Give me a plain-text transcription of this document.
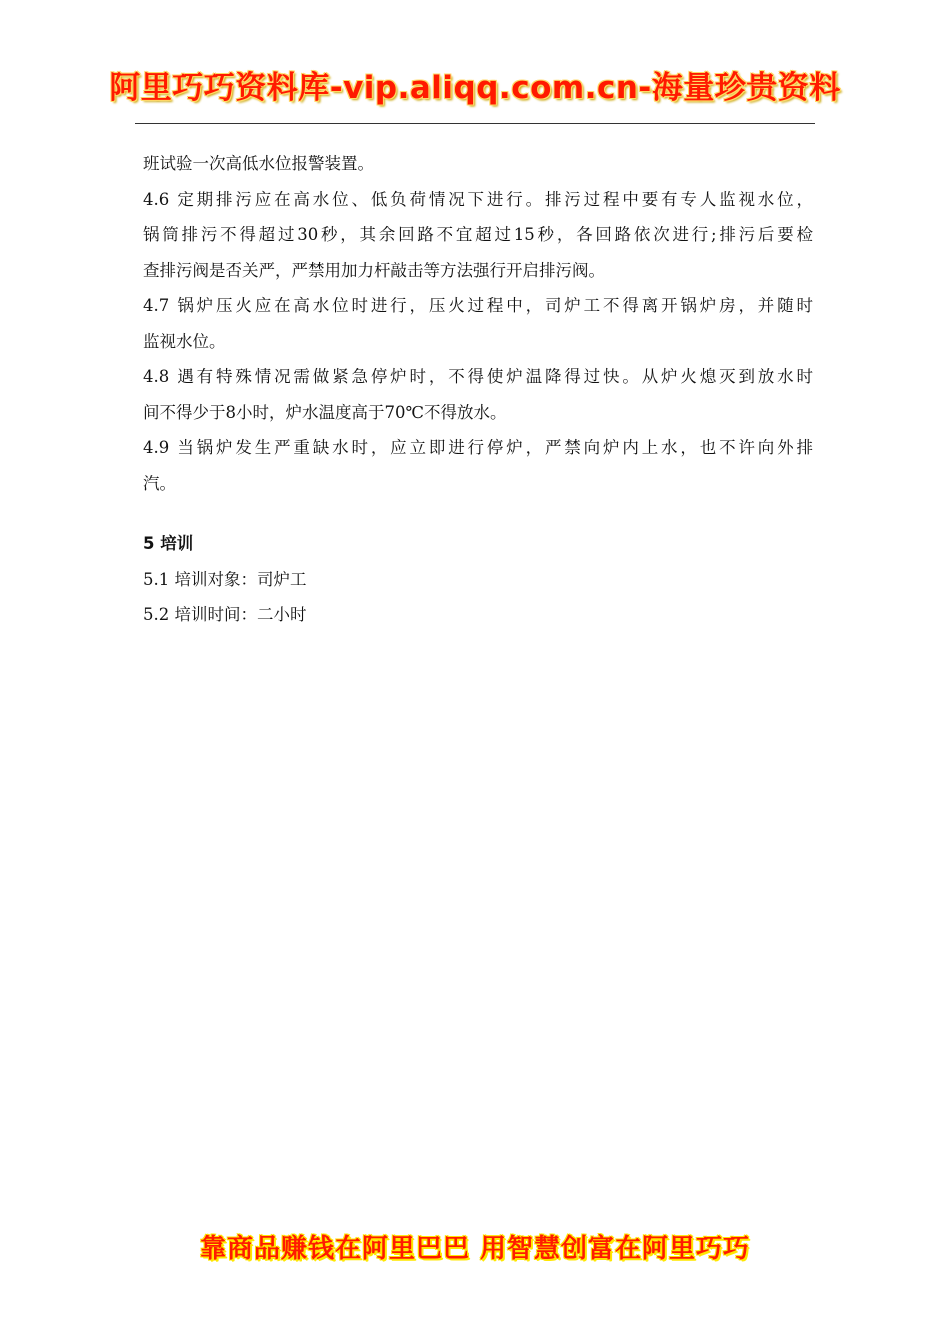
阿里巧巧资料库-vip.aliqq.com.cn-海量珍贵资料
班试验一次高低水位报警装置。
4.6 定期排污应在高水位、低负荷情况下进行。排污过程中要有专人监视水位，
锅筒排污不得超过30秒，其余回路不宜超过15秒，各回路依次进行;排污后要检
查排污阀是否关严，严禁用加力杆敲击等方法强行开启排污阀。
4.7 锅炉压火应在高水位时进行，压火过程中，司炉工不得离开锅炉房，并随时
监视水位。
4.8 遇有特殊情况需做紧急停炉时，不得使炉温降得过快。从炉火熄灭到放水时
间不得少于8小时，炉水温度高于70℃不得放水。
4.9 当锅炉发生严重缺水时，应立即进行停炉，严禁向炉内上水，也不许向外排
汽。
5 培训
5.1 培训对象：司炉工
5.2 培训时间：二小时
靠商品赚钱在阿里巴巴 用智慧创富在阿里巧巧
